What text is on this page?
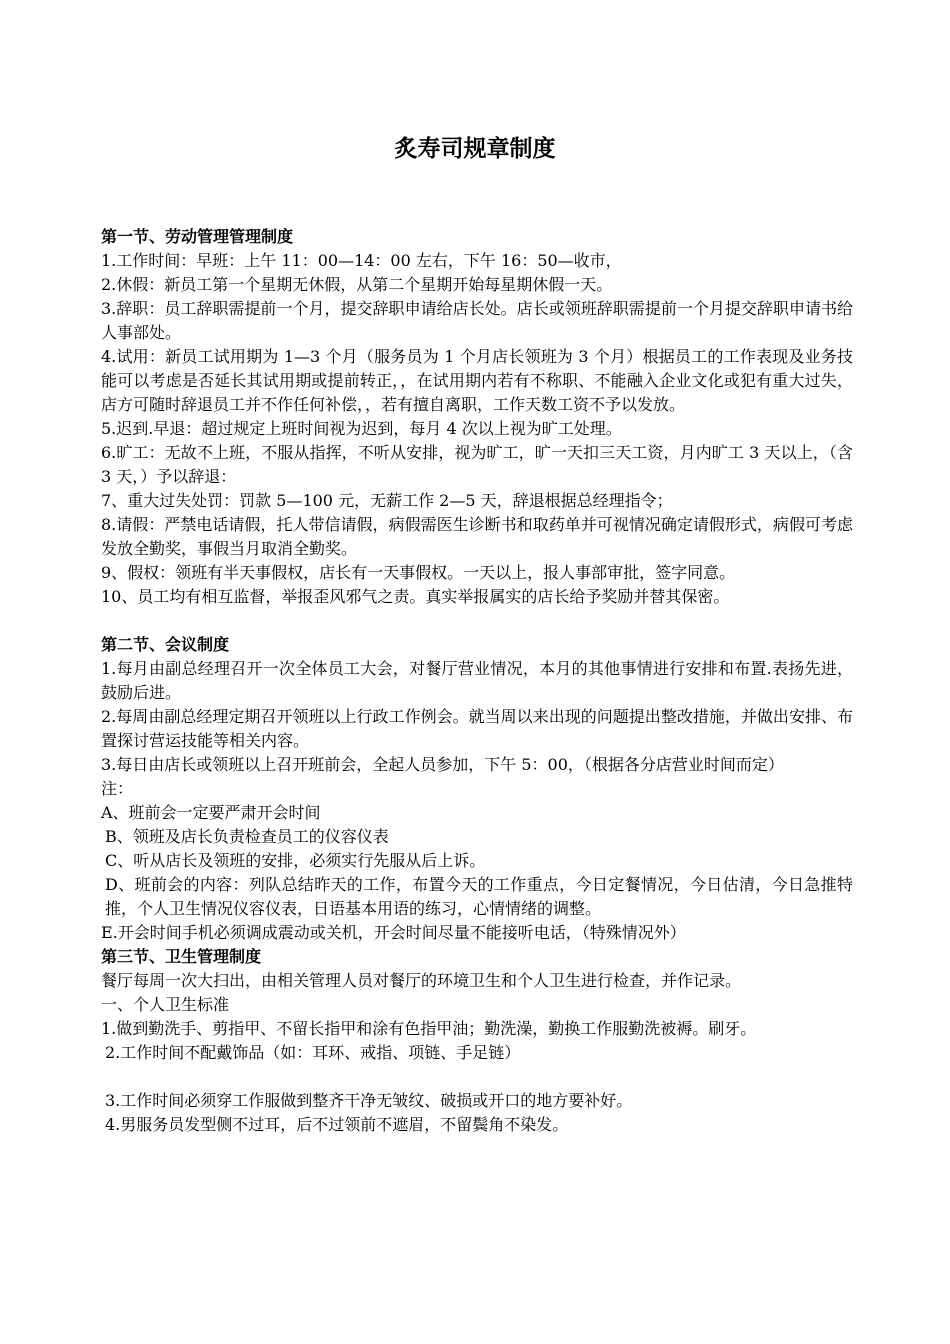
炙寿司规章制度
第一节、劳动管理管理制度
1.工作时间：早班：上午 11：00—14：00 左右，下午 16：50—收市，
2.休假：新员工第一个星期无休假，从第二个星期开始每星期休假一天。
3.辞职：员工辞职需提前一个月，提交辞职申请给店长处。店长或领班辞职需提前一个月提交辞职申请书给人事部处。
4.试用：新员工试用期为 1—3 个月（服务员为 1 个月店长领班为 3 个月）根据员工的工作表现及业务技能可以考虑是否延长其试用期或提前转正，，在试用期内若有不称职、不能融入企业文化或犯有重大过失，店方可随时辞退员工并不作任何补偿，，若有擅自离职，工作天数工资不予以发放。
5.迟到.早退：超过规定上班时间视为迟到，每月 4 次以上视为旷工处理。
6.旷工：无故不上班，不服从指挥，不听从安排，视为旷工，旷一天扣三天工资，月内旷工 3 天以上，（含 3 天，）予以辞退：
7、重大过失处罚：罚款 5—100 元，无薪工作 2—5 天，辞退根据总经理指令；
8.请假：严禁电话请假，托人带信请假，病假需医生诊断书和取药单并可视情况确定请假形式，病假可考虑发放全勤奖，事假当月取消全勤奖。
9、假权：领班有半天事假权，店长有一天事假权。一天以上，报人事部审批，签字同意。
10、员工均有相互监督，举报歪风邪气之责。真实举报属实的店长给予奖励并替其保密。
第二节、会议制度
1.每月由副总经理召开一次全体员工大会，对餐厅营业情况，本月的其他事情进行安排和布置.表扬先进，鼓励后进。
2.每周由副总经理定期召开领班以上行政工作例会。就当周以来出现的问题提出整改措施，并做出安排、布置探讨营运技能等相关内容。
3.每日由店长或领班以上召开班前会，全起人员参加，下午 5：00，（根据各分店营业时间而定）
注：
A、班前会一定要严肃开会时间
B、领班及店长负责检查员工的仪容仪表
C、听从店长及领班的安排，必须实行先服从后上诉。
D、班前会的内容：列队总结昨天的工作，布置今天的工作重点，今日定餐情况，今日估清，今日急推特推，个人卫生情况仪容仪表，日语基本用语的练习，心情情绪的调整。
E.开会时间手机必须调成震动或关机，开会时间尽量不能接听电话，（特殊情况外）
第三节、卫生管理制度
餐厅每周一次大扫出，由相关管理人员对餐厅的环境卫生和个人卫生进行检查，并作记录。
一、个人卫生标准
1.做到勤洗手、剪指甲、不留长指甲和涂有色指甲油；勤洗澡，勤换工作服勤洗被褥。刷牙。
2.工作时间不配戴饰品（如：耳环、戒指、项链、手足链）
3.工作时间必须穿工作服做到整齐干净无皱纹、破损或开口的地方要补好。
4.男服务员发型侧不过耳，后不过领前不遮眉，不留鬓角不染发。
